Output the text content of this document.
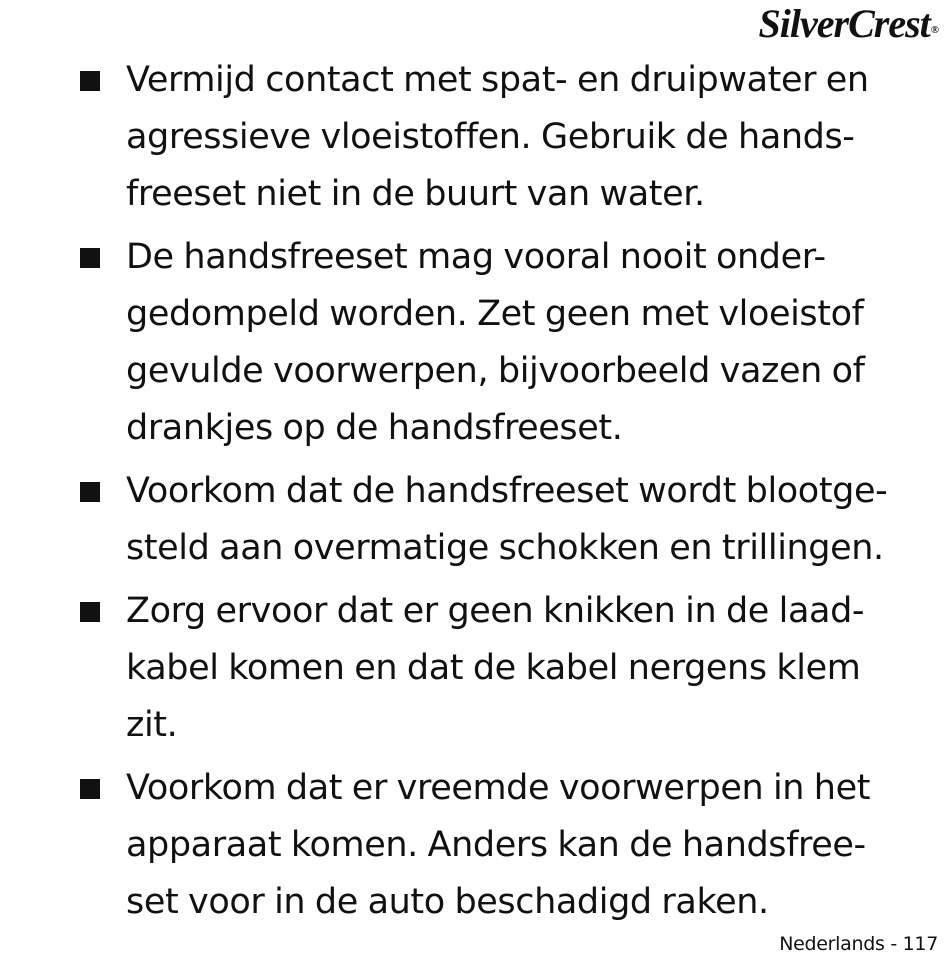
SilverCrest®
Vermijd contact met spat- en druipwater en
agressieve vloeistoffen. Gebruik de hands-
freeset niet in de buurt van water.
De handsfreeset mag vooral nooit onder-
gedompeld worden. Zet geen met vloeistof
gevulde voorwerpen, bijvoorbeeld vazen of
drankjes op de handsfreeset.
Voorkom dat de handsfreeset wordt blootge-
steld aan overmatige schokken en trillingen.
Zorg ervoor dat er geen knikken in de laad-
kabel komen en dat de kabel nergens klem
zit.
Voorkom dat er vreemde voorwerpen in het
apparaat komen. Anders kan de handsfree-
set voor in de auto beschadigd raken.
Nederlands - 117
